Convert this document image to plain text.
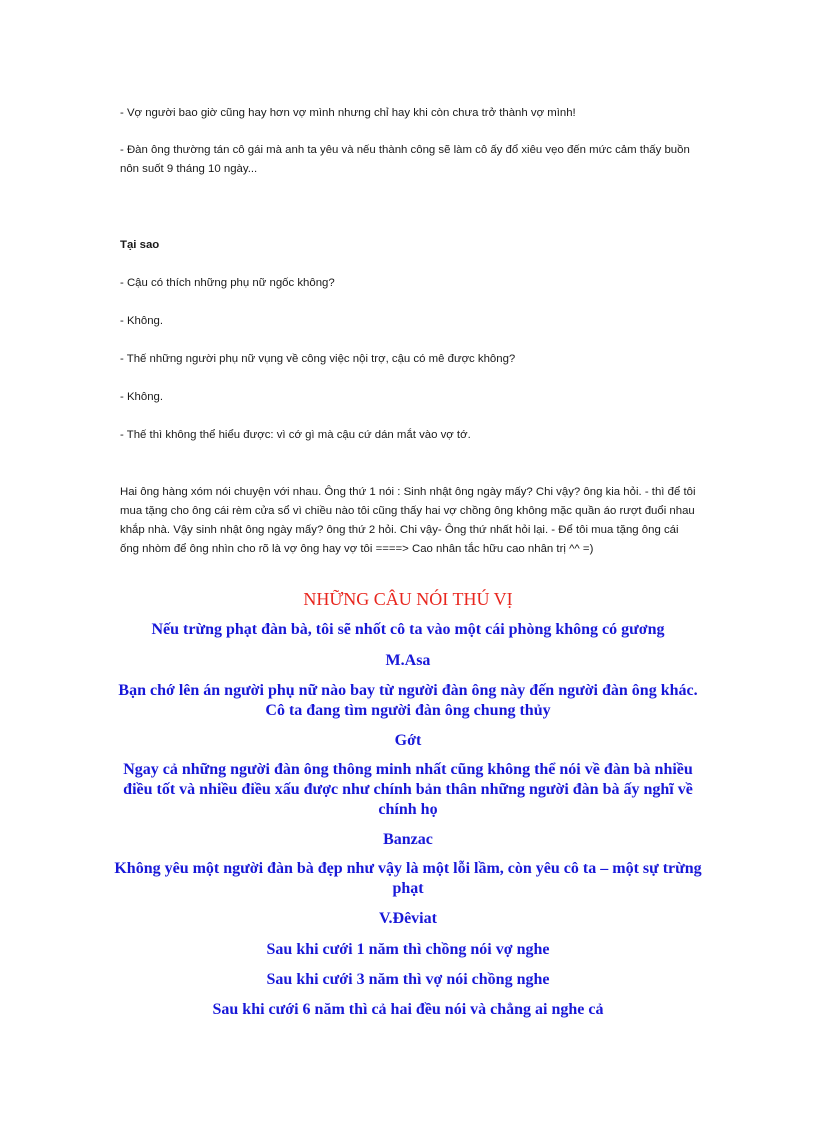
- Vợ người bao giờ cũng hay hơn vợ mình nhưng chỉ hay khi còn chưa trở thành vợ mình!

- Đàn ông thường tán cô gái mà anh ta yêu và nếu thành công sẽ làm cô ấy đổ xiêu vẹo đến mức cảm thấy buồn nôn suốt 9 tháng 10 ngày...

Tại sao

- Cậu có thích những phụ nữ ngốc không?

- Không.

- Thế những người phụ nữ vụng về công việc nội trợ, cậu có mê được không?

- Không.

- Thế thì không thể hiểu được: vì cớ gì mà cậu cứ dán mắt vào vợ tớ.

Hai ông hàng xóm nói chuyện với nhau. Ông thứ 1 nói : Sinh nhật ông ngày mấy? Chi vậy? ông kia hỏi. - thì để tôi mua tặng cho ông cái rèm cửa sổ vì chiều nào tôi cũng thấy hai vợ chồng ông không mặc quần áo rượt đuổi nhau khắp nhà. Vậy sinh nhật ông ngày mấy? ông thứ 2 hỏi. Chi vậy- Ông thứ nhất hỏi lại. - Để tôi mua tặng ông cái ống nhòm để ông nhìn cho rõ là vợ ông hay vợ tôi ====> Cao nhân tắc hữu cao nhân trị ^^ =)

NHỮNG CÂU NÓI THÚ VỊ

Nếu trừng phạt đàn bà, tôi sẽ nhốt cô ta vào một cái phòng không có gương

M.Asa

Bạn chớ lên án người phụ nữ nào bay từ người đàn ông này đến người đàn ông khác. Cô ta đang tìm người đàn ông chung thủy

Gớt

Ngay cả những người đàn ông thông minh nhất cũng không thể nói về đàn bà nhiều điều tốt và nhiều điều xấu được như chính bản thân những người đàn bà ấy nghĩ về chính họ

Banzac

Không yêu một người đàn bà đẹp như vậy là một lỗi lầm, còn yêu cô ta – một sự trừng phạt

V.Đêviat

Sau khi cưới 1 năm thì chồng nói vợ nghe

Sau khi cưới 3 năm thì vợ nói chồng nghe

Sau khi cưới 6 năm thì cả hai đều nói và chẳng ai nghe cả
